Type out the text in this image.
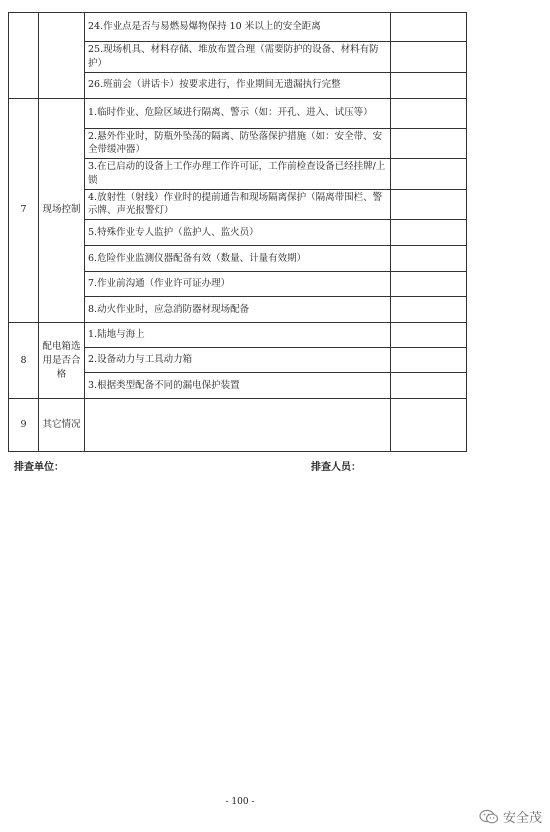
		24.作业点是否与易燃易爆物保持 10 米以上的安全距离	
		25.现场机具、材料存储、堆放布置合理（需要防护的设备、材料有防护）	
		26.班前会（讲话卡）按要求进行，作业期间无遗漏执行完整	
7	现场控制	1.临时作业、危险区域进行隔离、警示（如：开孔、进入、试压等）	
		2.悬外作业时，防瓶外坠荡的隔离、防坠落保护措施（如：安全带、安全带缓冲器）	
		3.在已启动的设备上工作办理工作许可证，工作前检查设备已经挂牌/上锁	
		4.放射性（射线）作业时的提前通告和现场隔离保护（隔离带围栏、警示牌、声光报警灯）	
		5.特殊作业专人监护（监护人、监火员）	
		6.危险作业监测仪器配备有效（数量、计量有效期）	
		7.作业前沟通（作业许可证办理）	
		8.动火作业时，应急消防器材现场配备	
8	配电箱选用是否合格	1.陆地与海上	
		2.设备动力与工具动力箱	
		3.根据类型配备不同的漏电保护装置	
9	其它情况		
排查单位：	排查人员：
- 100 -
安全茂
